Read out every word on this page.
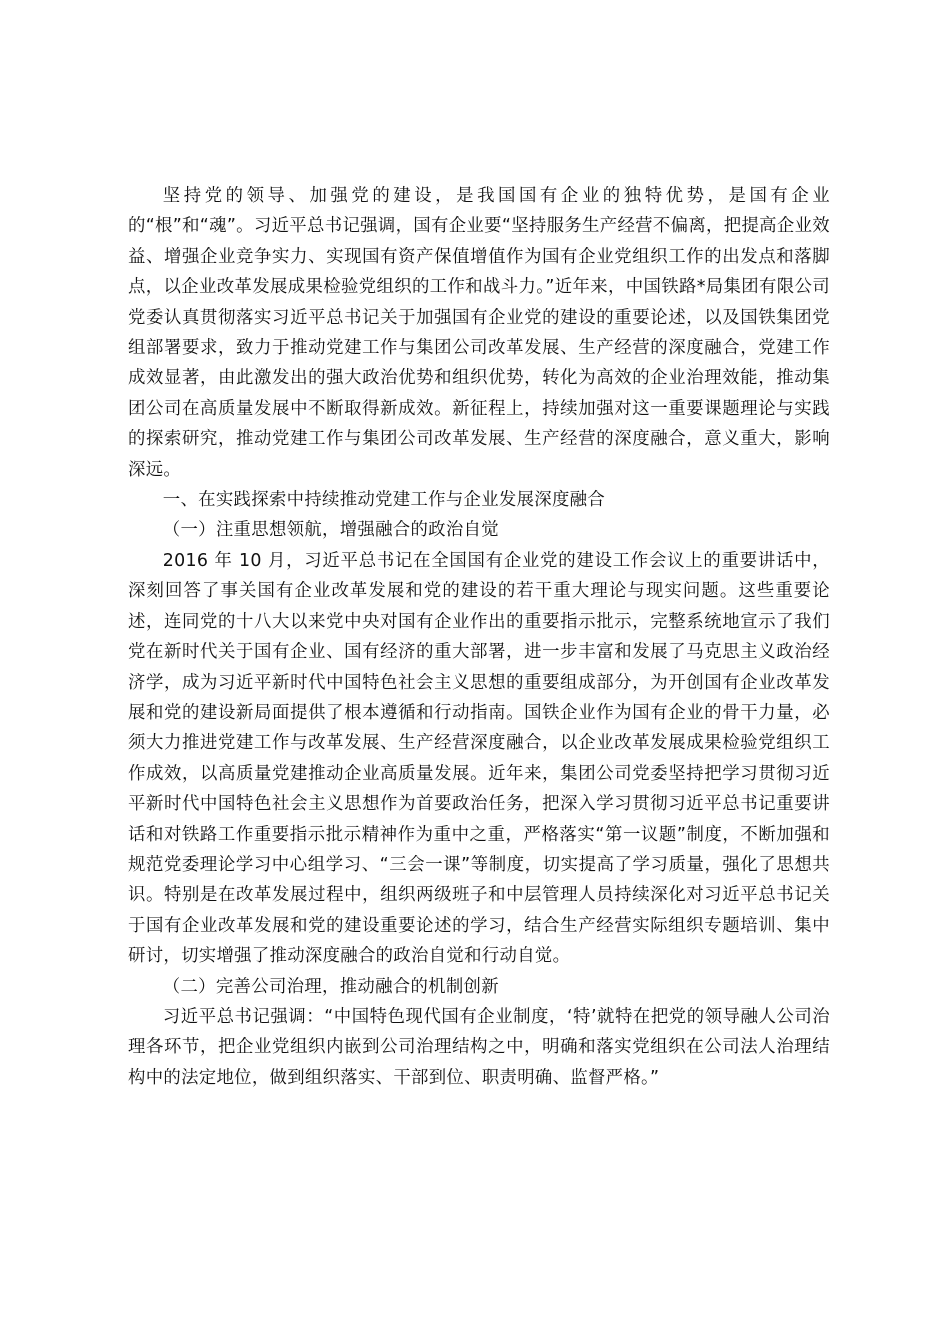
坚持党的领导、加强党的建设，是我国国有企业的独特优势，是国有企业的“根”和“魂”。习近平总书记强调，国有企业要“坚持服务生产经营不偏离，把提高企业效益、增强企业竞争实力、实现国有资产保值增值作为国有企业党组织工作的出发点和落脚点，以企业改革发展成果检验党组织的工作和战斗力。”近年来，中国铁路*局集团有限公司党委认真贯彻落实习近平总书记关于加强国有企业党的建设的重要论述，以及国铁集团党组部署要求，致力于推动党建工作与集团公司改革发展、生产经营的深度融合，党建工作成效显著，由此激发出的强大政治优势和组织优势，转化为高效的企业治理效能，推动集团公司在高质量发展中不断取得新成效。新征程上，持续加强对这一重要课题理论与实践的探索研究，推动党建工作与集团公司改革发展、生产经营的深度融合，意义重大，影响深远。

一、在实践探索中持续推动党建工作与企业发展深度融合

（一）注重思想领航，增强融合的政治自觉

2016 年 10 月，习近平总书记在全国国有企业党的建设工作会议上的重要讲话中，深刻回答了事关国有企业改革发展和党的建设的若干重大理论与现实问题。这些重要论述，连同党的十八大以来党中央对国有企业作出的重要指示批示，完整系统地宣示了我们党在新时代关于国有企业、国有经济的重大部署，进一步丰富和发展了马克思主义政治经济学，成为习近平新时代中国特色社会主义思想的重要组成部分，为开创国有企业改革发展和党的建设新局面提供了根本遵循和行动指南。国铁企业作为国有企业的骨干力量，必须大力推进党建工作与改革发展、生产经营深度融合，以企业改革发展成果检验党组织工作成效，以高质量党建推动企业高质量发展。近年来，集团公司党委坚持把学习贯彻习近平新时代中国特色社会主义思想作为首要政治任务，把深入学习贯彻习近平总书记重要讲话和对铁路工作重要指示批示精神作为重中之重，严格落实“第一议题”制度，不断加强和规范党委理论学习中心组学习、“三会一课”等制度，切实提高了学习质量，强化了思想共识。特别是在改革发展过程中，组织两级班子和中层管理人员持续深化对习近平总书记关于国有企业改革发展和党的建设重要论述的学习，结合生产经营实际组织专题培训、集中研讨，切实增强了推动深度融合的政治自觉和行动自觉。

（二）完善公司治理，推动融合的机制创新

习近平总书记强调：“中国特色现代国有企业制度，‘特’就特在把党的领导融人公司治理各环节，把企业党组织内嵌到公司治理结构之中，明确和落实党组织在公司法人治理结构中的法定地位，做到组织落实、干部到位、职责明确、监督严格。”
